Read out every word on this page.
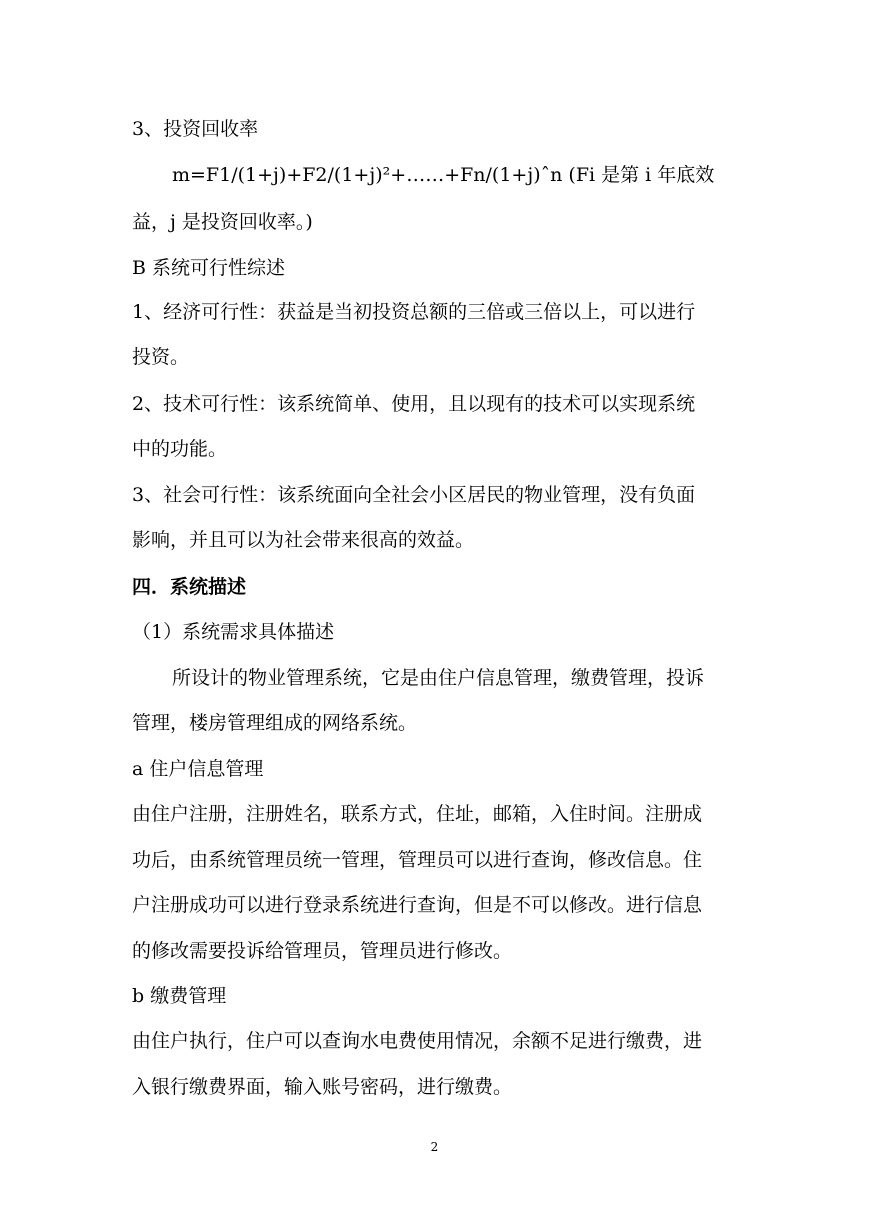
3、投资回收率
m=F1/(1+j)+F2/(1+j)²+……+Fn/(1+j)ˆn (Fi 是第 i 年底效
益，j 是投资回收率。)
B 系统可行性综述
1、经济可行性：获益是当初投资总额的三倍或三倍以上，可以进行
投资。
2、技术可行性：该系统简单、使用，且以现有的技术可以实现系统
中的功能。
3、社会可行性：该系统面向全社会小区居民的物业管理，没有负面
影响，并且可以为社会带来很高的效益。
四．系统描述
（1）系统需求具体描述
所设计的物业管理系统，它是由住户信息管理，缴费管理，投诉
管理，楼房管理组成的网络系统。
a 住户信息管理
由住户注册，注册姓名，联系方式，住址，邮箱，入住时间。注册成
功后，由系统管理员统一管理，管理员可以进行查询，修改信息。住
户注册成功可以进行登录系统进行查询，但是不可以修改。进行信息
的修改需要投诉给管理员，管理员进行修改。
b 缴费管理
由住户执行，住户可以查询水电费使用情况，余额不足进行缴费，进
入银行缴费界面，输入账号密码，进行缴费。
2
